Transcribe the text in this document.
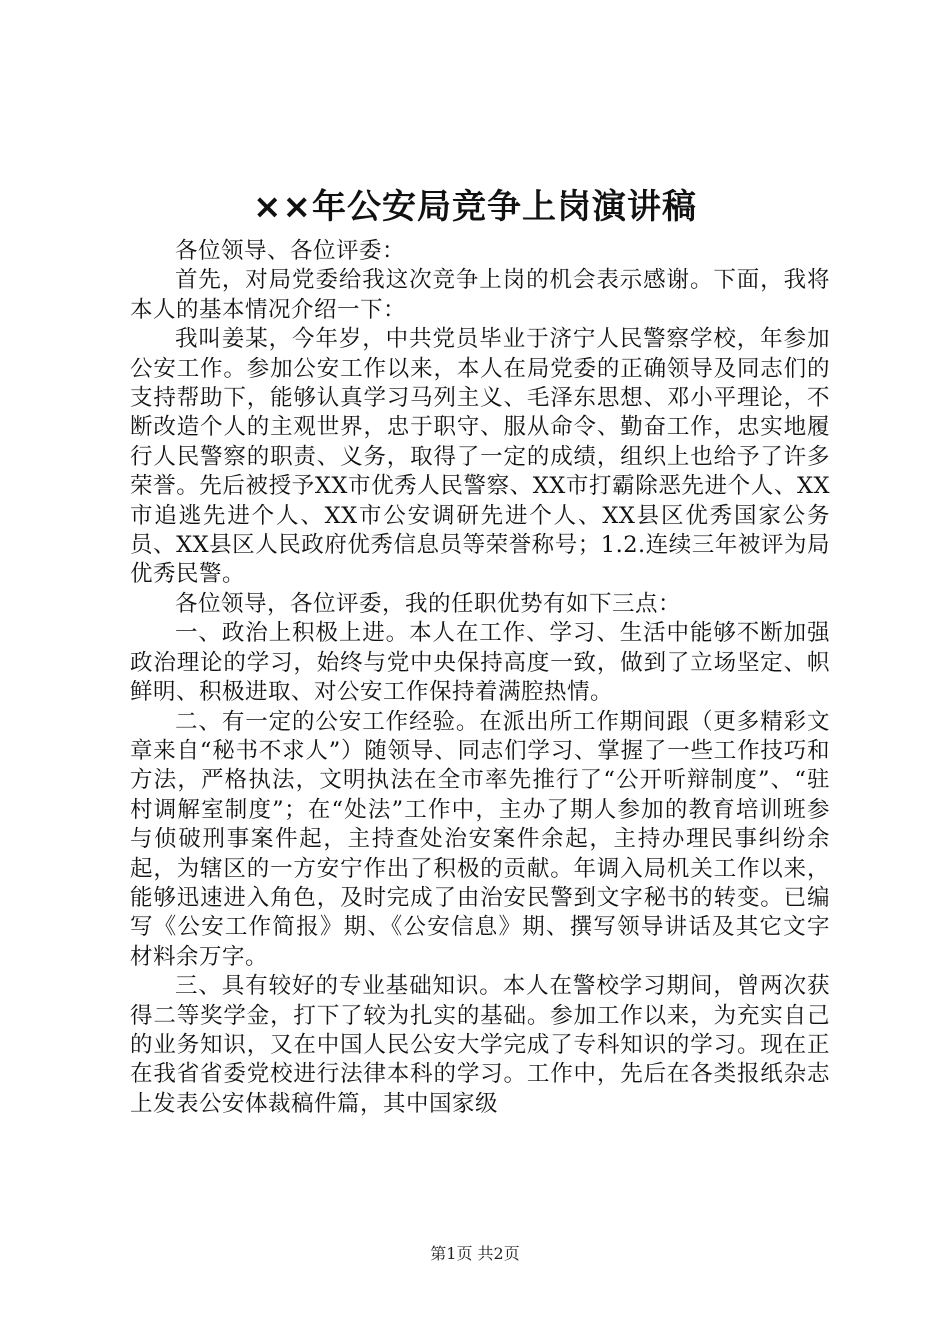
××年公安局竞争上岗演讲稿

各位领导、各位评委：

首先，对局党委给我这次竞争上岗的机会表示感谢。下面，我将本人的基本情况介绍一下：

我叫姜某，今年岁，中共党员毕业于济宁人民警察学校，年参加公安工作。参加公安工作以来，本人在局党委的正确领导及同志们的支持帮助下，能够认真学习马列主义、毛泽东思想、邓小平理论，不断改造个人的主观世界，忠于职守、服从命令、勤奋工作，忠实地履行人民警察的职责、义务，取得了一定的成绩，组织上也给予了许多荣誉。先后被授予XX市优秀人民警察、XX市打霸除恶先进个人、XX市追逃先进个人、XX市公安调研先进个人、XX县区优秀国家公务员、XX县区人民政府优秀信息员等荣誉称号；1.2.连续三年被评为局优秀民警。

各位领导，各位评委，我的任职优势有如下三点：

一、政治上积极上进。本人在工作、学习、生活中能够不断加强政治理论的学习，始终与党中央保持高度一致，做到了立场坚定、帜鲜明、积极进取、对公安工作保持着满腔热情。

二、有一定的公安工作经验。在派出所工作期间跟（更多精彩文章来自“秘书不求人”）随领导、同志们学习、掌握了一些工作技巧和方法，严格执法，文明执法在全市率先推行了“公开听辩制度”、“驻村调解室制度”；在“处法”工作中，主办了期人参加的教育培训班参与侦破刑事案件起，主持查处治安案件余起，主持办理民事纠纷余起，为辖区的一方安宁作出了积极的贡献。年调入局机关工作以来，能够迅速进入角色，及时完成了由治安民警到文字秘书的转变。已编写《公安工作简报》期、《公安信息》期、撰写领导讲话及其它文字材料余万字。

三、具有较好的专业基础知识。本人在警校学习期间，曾两次获得二等奖学金，打下了较为扎实的基础。参加工作以来，为充实自己的业务知识，又在中国人民公安大学完成了专科知识的学习。现在正在我省省委党校进行法律本科的学习。工作中，先后在各类报纸杂志上发表公安体裁稿件篇，其中国家级

第1页 共2页
